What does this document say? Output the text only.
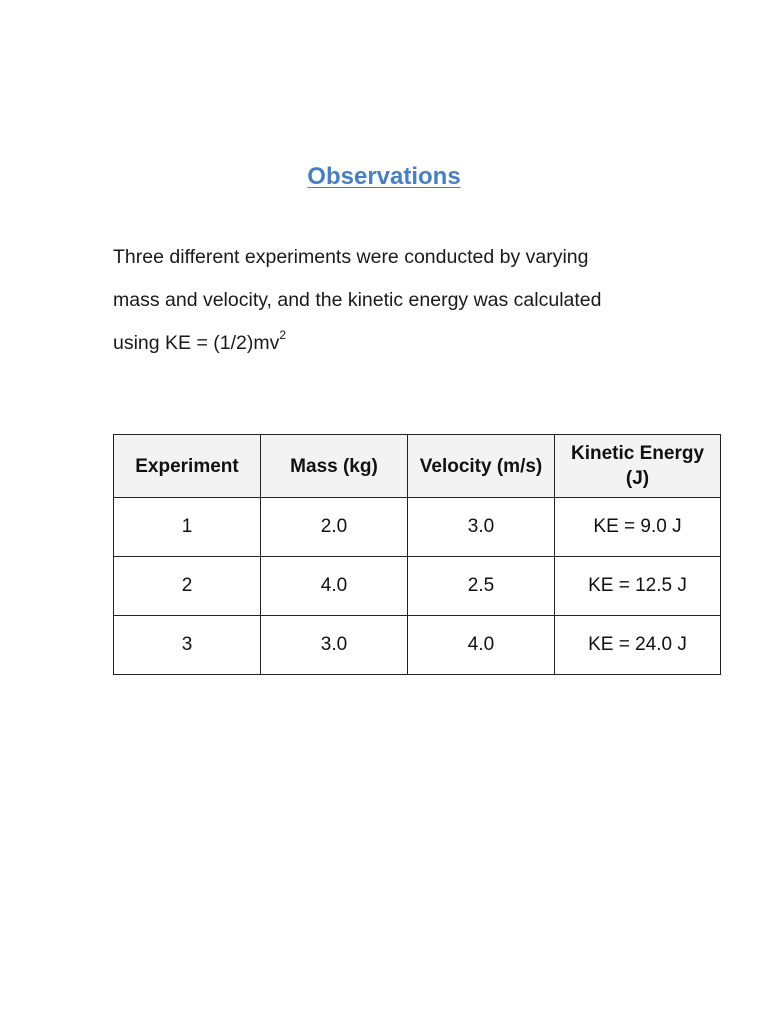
Observations
Three different experiments were conducted by varying
mass and velocity, and the kinetic energy was calculated
using KE = $(1/2)mv^2$
Experiment	Mass (kg)	Velocity (m/s)	Kinetic Energy (J)
1	2.0	3.0	KE = 9.0 J
2	4.0	2.5	KE = 12.5 J
3	3.0	4.0	KE = 24.0 J
